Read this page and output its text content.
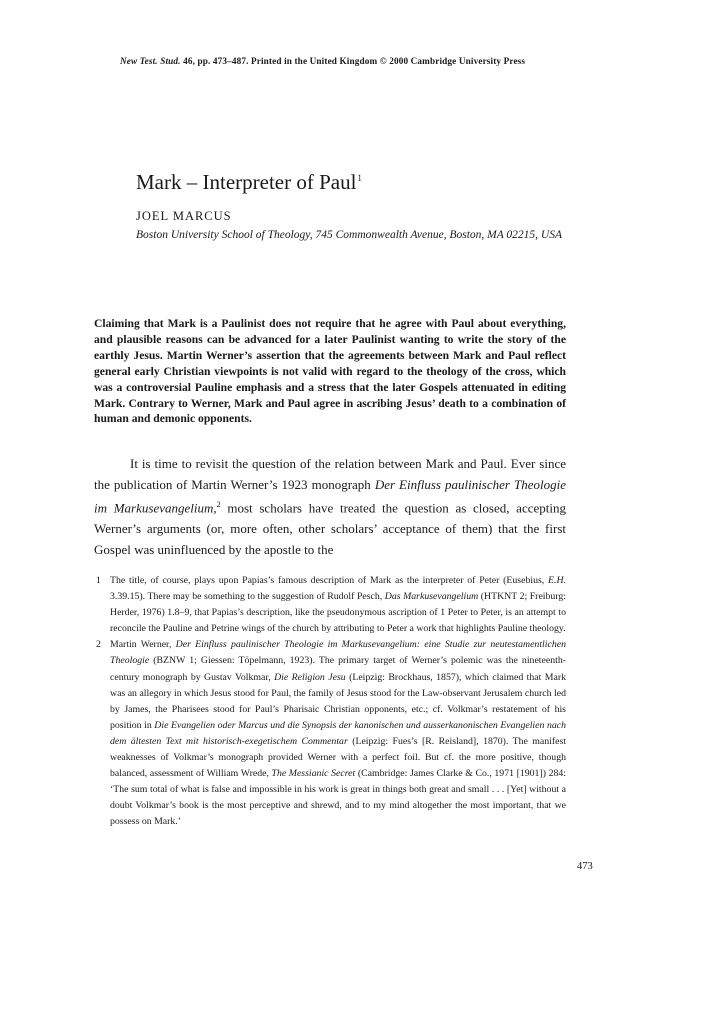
New Test. Stud. 46, pp. 473–487. Printed in the United Kingdom © 2000 Cambridge University Press
Mark – Interpreter of Paul$^1$
JOEL MARCUS
Boston University School of Theology, 745 Commonwealth Avenue, Boston, MA 02215, USA
Claiming that Mark is a Paulinist does not require that he agree with Paul about everything, and plausible reasons can be advanced for a later Paulinist wanting to write the story of the earthly Jesus. Martin Werner’s assertion that the agreements between Mark and Paul reflect general early Christian viewpoints is not valid with regard to the theology of the cross, which was a controversial Pauline emphasis and a stress that the later Gospels attenuated in editing Mark. Contrary to Werner, Mark and Paul agree in ascribing Jesus’ death to a combination of human and demonic opponents.
It is time to revisit the question of the relation between Mark and Paul. Ever since the publication of Martin Werner’s 1923 monograph Der Einfluss paulinischer Theologie im Markusevangelium,$^2$ most scholars have treated the question as closed, accepting Werner’s arguments (or, more often, other scholars’ acceptance of them) that the first Gospel was uninfluenced by the apostle to the
1 The title, of course, plays upon Papias’s famous description of Mark as the interpreter of Peter (Eusebius, E.H. 3.39.15). There may be something to the suggestion of Rudolf Pesch, Das Markusevangelium (HTKNT 2; Freiburg: Herder, 1976) 1.8–9, that Papias’s description, like the pseudonymous ascription of 1 Peter to Peter, is an attempt to reconcile the Pauline and Petrine wings of the church by attributing to Peter a work that highlights Pauline theology.
2 Martin Werner, Der Einfluss paulinischer Theologie im Markusevangelium: eine Studie zur neutestamentlichen Theologie (BZNW 1; Giessen: Töpelmann, 1923). The primary target of Werner’s polemic was the nineteenth-century monograph by Gustav Volkmar, Die Religion Jesu (Leipzig: Brockhaus, 1857), which claimed that Mark was an allegory in which Jesus stood for Paul, the family of Jesus stood for the Law-observant Jerusalem church led by James, the Pharisees stood for Paul’s Pharisaic Christian opponents, etc.; cf. Volkmar’s restatement of his position in Die Evangelien oder Marcus und die Synopsis der kanonischen und ausserkanonischen Evangelien nach dem ältesten Text mit historisch-exegetischem Commentar (Leipzig: Fues’s [R. Reisland], 1870). The manifest weaknesses of Volkmar’s monograph provided Werner with a perfect foil. But cf. the more positive, though balanced, assessment of William Wrede, The Messianic Secret (Cambridge: James Clarke & Co., 1971 [1901]) 284: ‘The sum total of what is false and impossible in his work is great in things both great and small . . . [Yet] without a doubt Volkmar’s book is the most perceptive and shrewd, and to my mind altogether the most important, that we possess on Mark.’
473
